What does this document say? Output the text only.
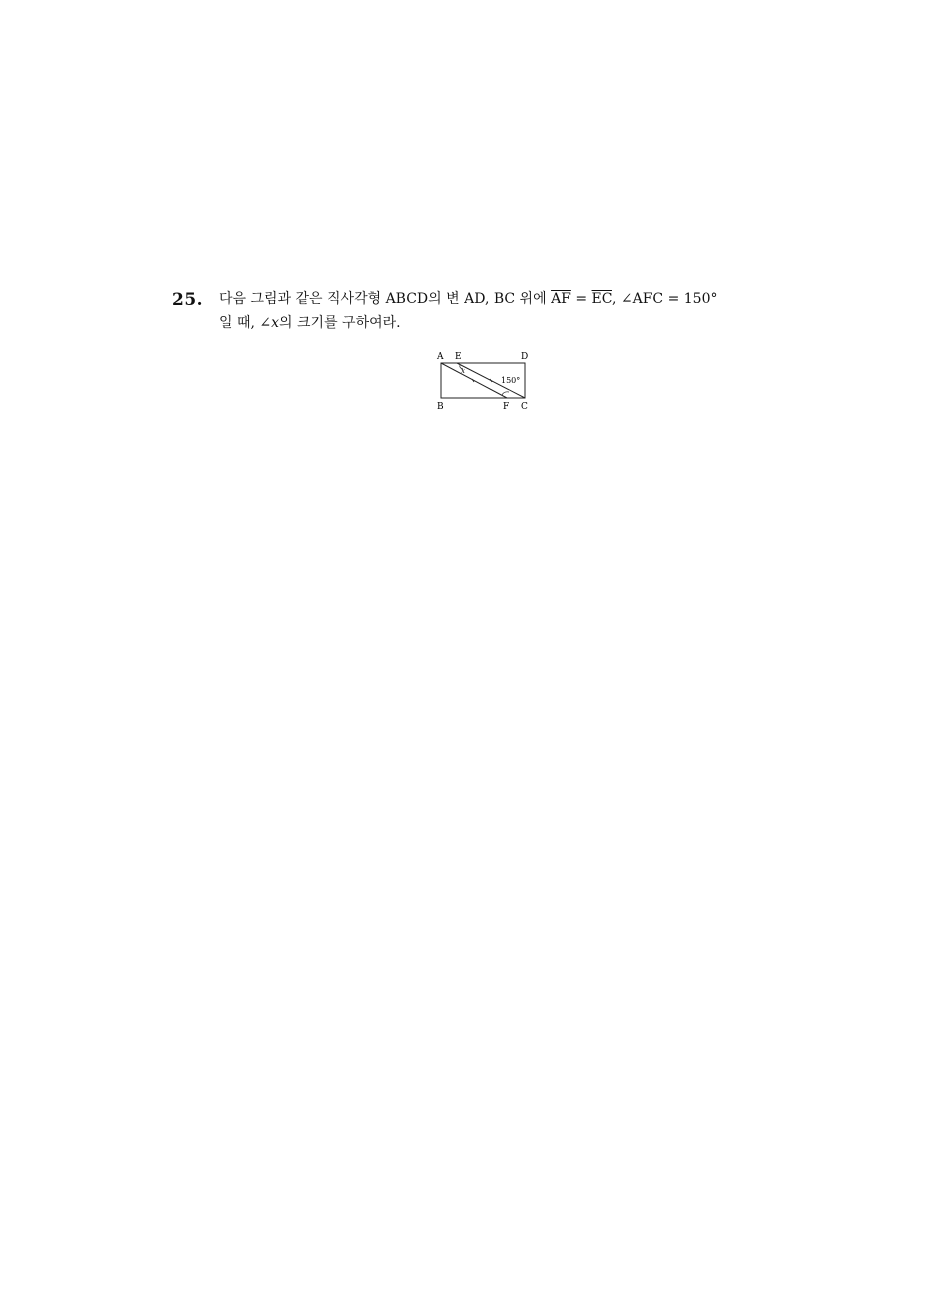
25. 다음 그림과 같은 직사각형 ABCD의 변 AD, BC 위에 $\overline{AF} = \overline{EC}$, ∠AFC = 150°
일 때, ∠x의 크기를 구하여라.
A E	D
B	F C
150°
x
